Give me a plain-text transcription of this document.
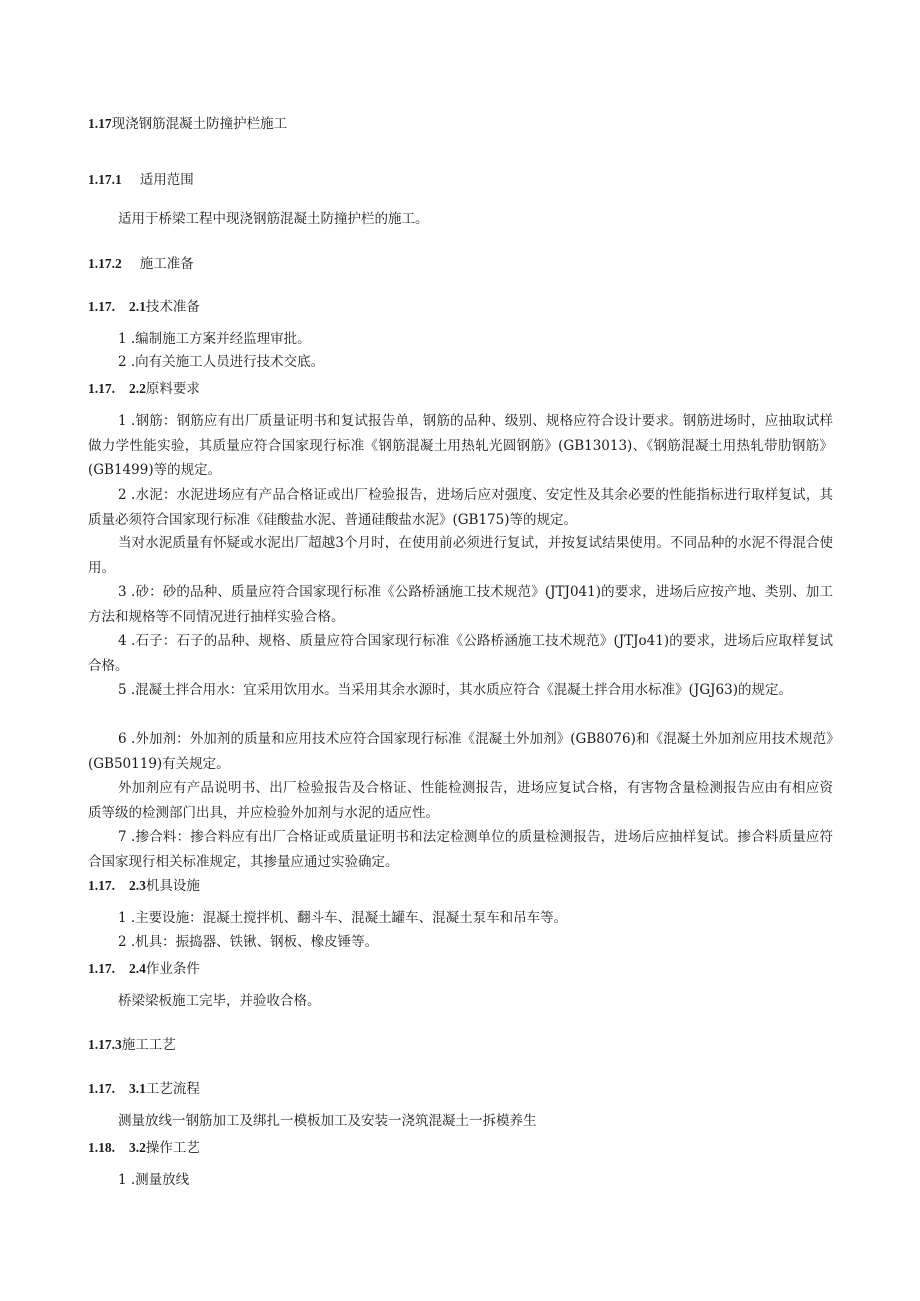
1.17现浇钢筋混凝土防撞护栏施工
1.17.1 适用范围
适用于桥梁工程中现浇钢筋混凝土防撞护栏的施工。
1.17.2 施工准备
1.17. 2.1技术准备
1 .编制施工方案并经监理审批。
2 .向有关施工人员进行技术交底。
1.17. 2.2原料要求
1 .钢筋：钢筋应有出厂质量证明书和复试报告单，钢筋的品种、级别、规格应符合设计要求。钢筋进场时，应抽取试样做力学性能实验，其质量应符合国家现行标准《钢筋混凝土用热轧光圆钢筋》(GB13013)、《钢筋混凝土用热轧带肋钢筋》(GB1499)等的规定。
2 .水泥：水泥进场应有产品合格证或出厂检验报告，进场后应对强度、安定性及其余必要的性能指标进行取样复试，其质量必须符合国家现行标准《硅酸盐水泥、普通硅酸盐水泥》(GB175)等的规定。
当对水泥质量有怀疑或水泥出厂超越3个月时，在使用前必须进行复试，并按复试结果使用。不同品种的水泥不得混合使用。
3 .砂：砂的品种、质量应符合国家现行标准《公路桥涵施工技术规范》(JTJ041)的要求，进场后应按产地、类别、加工方法和规格等不同情况进行抽样实验合格。
4 .石子：石子的品种、规格、质量应符合国家现行标准《公路桥涵施工技术规范》(JTJo41)的要求，进场后应取样复试合格。
5 .混凝土拌合用水：宜采用饮用水。当采用其余水源时，其水质应符合《混凝土拌合用水标准》(JGJ63)的规定。
6 .外加剂：外加剂的质量和应用技术应符合国家现行标准《混凝土外加剂》(GB8076)和《混凝土外加剂应用技术规范》(GB50119)有关规定。
外加剂应有产品说明书、出厂检验报告及合格证、性能检测报告，进场应复试合格，有害物含量检测报告应由有相应资质等级的检测部门出具，并应检验外加剂与水泥的适应性。
7 .掺合料：掺合料应有出厂合格证或质量证明书和法定检测单位的质量检测报告，进场后应抽样复试。掺合料质量应符合国家现行相关标准规定，其掺量应通过实验确定。
1.17. 2.3机具设施
1 .主要设施：混凝土搅拌机、翻斗车、混凝土罐车、混凝土泵车和吊车等。
2 .机具：振捣器、铁锹、钢板、橡皮锤等。
1.17. 2.4作业条件
桥梁梁板施工完毕，并验收合格。
1.17.3施工工艺
1.17. 3.1工艺流程
测量放线一钢筋加工及绑扎一模板加工及安装一浇筑混凝土一拆模养生
1.18. 3.2操作工艺
1 .测量放线
